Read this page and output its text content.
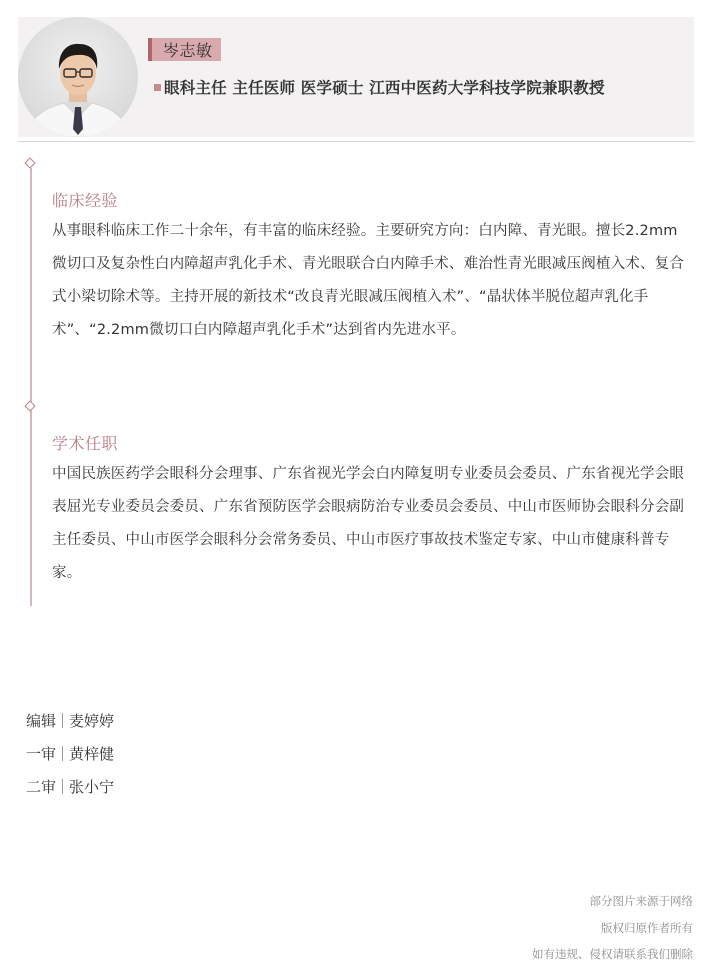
岑志敏
眼科主任 主任医师 医学硕士 江西中医药大学科技学院兼职教授
临床经验

从事眼科临床工作二十余年，有丰富的临床经验。主要研究方向：白内障、青光眼。擅长2.2mm微切口及复杂性白内障超声乳化手术、青光眼联合白内障手术、难治性青光眼减压阀植入术、复合式小梁切除术等。主持开展的新技术“改良青光眼减压阀植入术”、“晶状体半脱位超声乳化手术”、“2.2mm微切口白内障超声乳化手术”达到省内先进水平。

学术任职

中国民族医药学会眼科分会理事、广东省视光学会白内障复明专业委员会委员、广东省视光学会眼表屈光专业委员会委员、广东省预防医学会眼病防治专业委员会委员、中山市医师协会眼科分会副主任委员、中山市医学会眼科分会常务委员、中山市医疗事故技术鉴定专家、中山市健康科普专家。

编辑 麦婷婷
一审 黄梓健
二审 张小宁
部分图片来源于网络
版权归原作者所有
如有违规、侵权请联系我们删除
